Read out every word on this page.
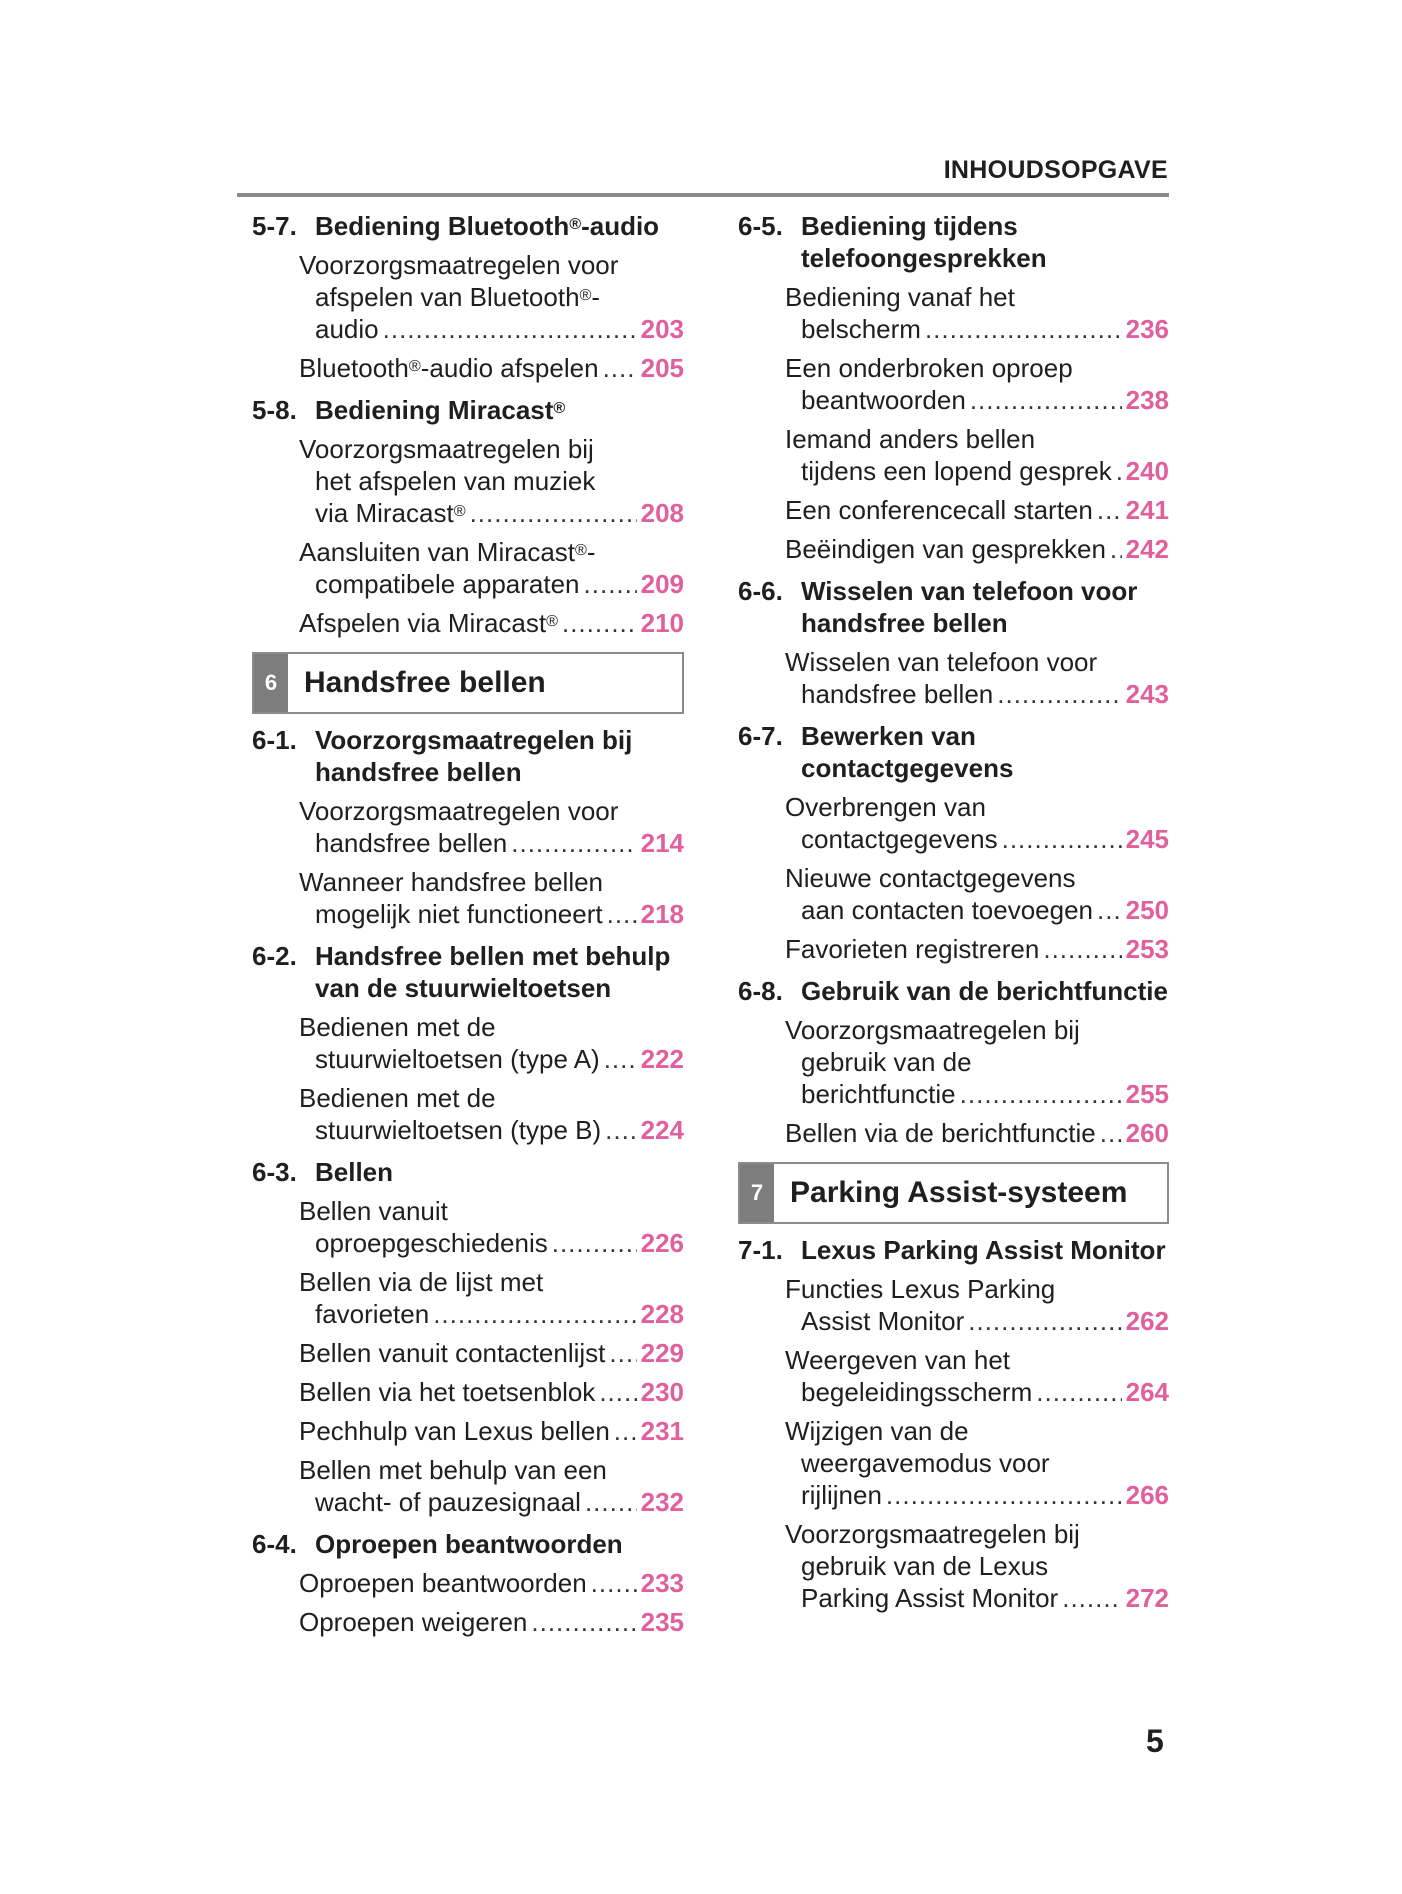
INHOUDSOPGAVE
5-7. Bediening Bluetooth®-audio
Voorzorgsmaatregelen voor
afspelen van Bluetooth®-
audio .....	203
Bluetooth®-audio afspelen ..... 205
5-8. Bediening Miracast®
Voorzorgsmaatregelen bij
het afspelen van muziek
via Miracast® .....	208
Aansluiten van Miracast®-
compatibele apparaten ..... 209
Afspelen via Miracast® .....	210
6 Handsfree bellen
6-1. Voorzorgsmaatregelen bij
handsfree bellen
Voorzorgsmaatregelen voor
handsfree bellen .....	214
Wanneer handsfree bellen
mogelijk niet functioneert ..... 218
6-2. Handsfree bellen met behulp
van de stuurwieltoetsen
Bedienen met de
stuurwieltoetsen (type A) ..... 222
Bedienen met de
stuurwieltoetsen (type B) ..... 224
6-3. Bellen
Bellen vanuit
oproepgeschiedenis .....	226
Bellen via de lijst met
favorieten .....	228
Bellen vanuit contactenlijst ..... 229
Bellen via het toetsenblok ..... 230
Pechhulp van Lexus bellen ..... 231
Bellen met behulp van een
wacht- of pauzesignaal ..... 232
6-4. Oproepen beantwoorden
Oproepen beantwoorden ..... 233
Oproepen weigeren .....	235
6-5. Bediening tijdens
telefoongesprekken
Bediening vanaf het
belscherm .....	236
Een onderbroken oproep
beantwoorden .....	238
Iemand anders bellen
tijdens een lopend gesprek ..... 240
Een conferencecall starten ..... 241
Beëindigen van gesprekken ..... 242
6-6. Wisselen van telefoon voor
handsfree bellen
Wisselen van telefoon voor
handsfree bellen .....	243
6-7. Bewerken van
contactgegevens
Overbrengen van
contactgegevens .....	245
Nieuwe contactgegevens
aan contacten toevoegen ..... 250
Favorieten registreren .....	253
6-8. Gebruik van de berichtfunctie
Voorzorgsmaatregelen bij
gebruik van de
berichtfunctie .....	255
Bellen via de berichtfunctie ..... 260
7 Parking Assist-systeem
7-1. Lexus Parking Assist Monitor
Functies Lexus Parking
Assist Monitor .....	262
Weergeven van het
begeleidingsscherm .....	264
Wijzigen van de
weergavemodus voor
rijlijnen .....	266
Voorzorgsmaatregelen bij
gebruik van de Lexus
Parking Assist Monitor .....	272
5
